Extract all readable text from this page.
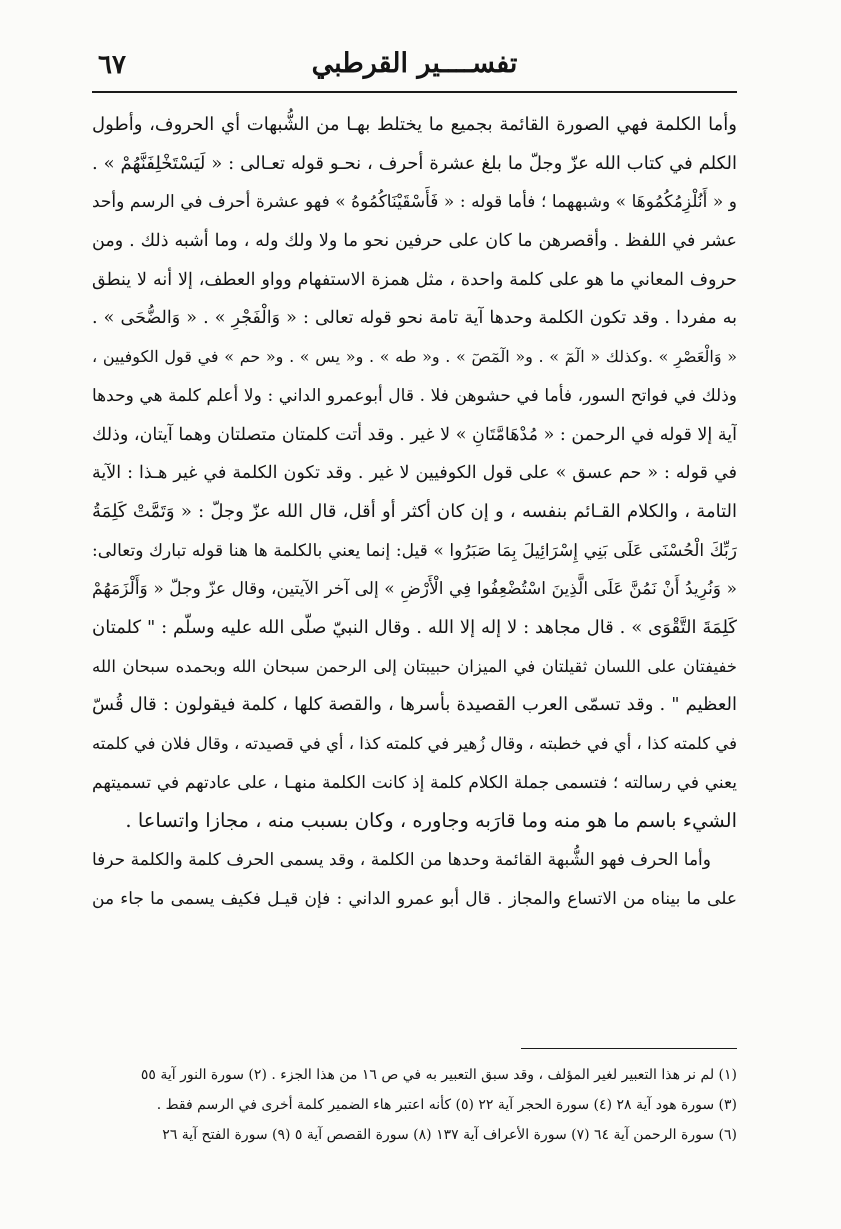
٦٧	تفســــير القرطبي
وأما الكلمة فهي الصورة القائمة بجميع ما يختلط بهـا من الشُّبهات أي الحروف، وأطول
الكلم في كتاب الله عزّ وجلّ ما بلغ عشرة أحرف ، نحـو قوله تعـالى : « لَيَسْتَخْلِفَنَّهُمْ » .
و « أَنُلْزِمُكُمُوهَا » وشبههما ؛ فأما قوله : « فَأَسْقَيْنَاكُمُوهُ » فهو عشرة أحرف في الرسم وأحد
عشر في اللفظ . وأقصرهن ما كان على حرفين نحو ما ولا ولك وله ، وما أشبه ذلك . ومن
حروف المعاني ما هو على كلمة واحدة ، مثل همزة الاستفهام وواو العطف، إلا أنه لا ينطق
به مفردا . وقد تكون الكلمة وحدها آية تامة نحو قوله تعالى : « وَالْفَجْرِ » . « وَالضُّحَى » .
« وَالْعَصْرِ » .وكذلك « الٓمٓ » . و« الٓمٓصٓ » . و« طه » . و« يس » . و« حم » في قول الكوفيين ،
وذلك في فواتح السور، فأما في حشوهن فلا . قال أبوعمرو الداني : ولا أعلم كلمة هي وحدها
آية إلا قوله في الرحمن : « مُدْهَامَّتَانِ » لا غير . وقد أتت كلمتان متصلتان وهما آيتان، وذلك
في قوله : « حم عسق » على قول الكوفيين لا غير . وقد تكون الكلمة في غير هـذا : الآية
التامة ، والكلام القـائم بنفسه ، و إن كان أكثر أو أقل، قال الله عزّ وجلّ : « وَتَمَّتْ كَلِمَةُ
رَبِّكَ الْحُسْنَى عَلَى بَنِي إِسْرَائِيلَ بِمَا صَبَرُوا » قيل: إنما يعني بالكلمة ها هنا قوله تبارك وتعالى:
« وَنُرِيدُ أَنْ نَمُنَّ عَلَى الَّذِينَ اسْتُضْعِفُوا فِي الْأَرْضِ » إلى آخر الآيتين، وقال عزّ وجلّ « وَأَلْزَمَهُمْ
كَلِمَةَ التَّقْوَى » . قال مجاهد : لا إله إلا الله . وقال النبيّ صلّى الله عليه وسلّم : " كلمتان
خفيفتان على اللسان ثقيلتان في الميزان حبيبتان إلى الرحمن سبحان الله وبحمده سبحان الله
العظيم " . وقد تسمّى العرب القصيدة بأسرها ، والقصة كلها ، كلمة فيقولون : قال قُسّ
في كلمته كذا ، أي في خطبته ، وقال زُهير في كلمته كذا ، أي في قصيدته ، وقال فلان في كلمته
يعني في رسالته ؛ فتسمى جملة الكلام كلمة إذ كانت الكلمة منهـا ، على عادتهم في تسميتهم
الشيء باسم ما هو منه وما قارَبه وجاوره ، وكان بسبب منه ، مجازا واتساعا .
وأما الحرف فهو الشُّبهة القائمة وحدها من الكلمة ، وقد يسمى الحرف كلمة والكلمة حرفا
على ما بيناه من الاتساع والمجاز . قال أبو عمرو الداني : فإن قيـل فكيف يسمى ما جاء من
(١) لم نر هذا التعبير لغير المؤلف ، وقد سبق التعبير به في ص ١٦ من هذا الجزء . (٢) سورة النور آية ٥٥
(٣) سورة هود آية ٢٨ (٤) سورة الحجر آية ٢٢ (٥) كأنه اعتبر هاء الضمير كلمة أخرى في الرسم فقط .
(٦) سورة الرحمن آية ٦٤ (٧) سورة الأعراف آية ١٣٧ (٨) سورة القصص آية ٥ (٩) سورة الفتح آية ٢٦
